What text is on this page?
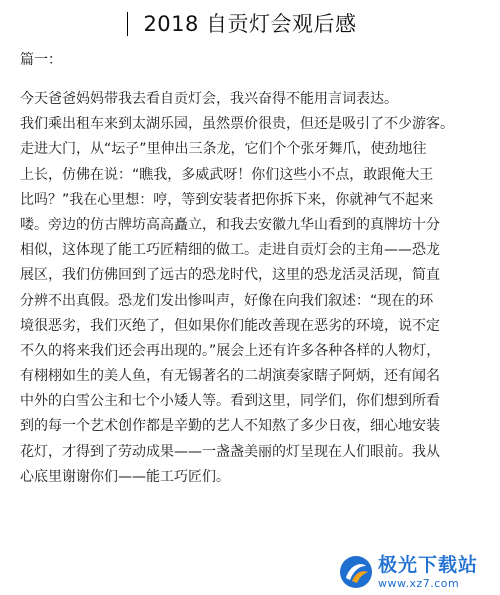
2018 自贡灯会观后感
篇一：
今天爸爸妈妈带我去看自贡灯会，我兴奋得不能用言词表达。
我们乘出租车来到太湖乐园，虽然票价很贵，但还是吸引了不少游客。
走进大门，从“坛子”里伸出三条龙，它们个个张牙舞爪，使劲地往
上长，仿佛在说：“瞧我，多威武呀！你们这些小不点，敢跟俺大王
比吗？”我在心里想：哼，等到安装者把你拆下来，你就神气不起来
喽。旁边的仿古牌坊高高矗立，和我去安徽九华山看到的真牌坊十分
相似，这体现了能工巧匠精细的做工。走进自贡灯会的主角——恐龙
展区，我们仿佛回到了远古的恐龙时代，这里的恐龙活灵活现，简直
分辨不出真假。恐龙们发出惨叫声，好像在向我们叙述：“现在的环
境很恶劣，我们灭绝了，但如果你们能改善现在恶劣的环境，说不定
不久的将来我们还会再出现的。”展会上还有许多各种各样的人物灯，
有栩栩如生的美人鱼，有无锡著名的二胡演奏家瞎子阿炳，还有闻名
中外的白雪公主和七个小矮人等。看到这里，同学们，你们想到所看
到的每一个艺术创作都是辛勤的艺人不知熬了多少日夜，细心地安装
花灯，才得到了劳动成果——一盏盏美丽的灯呈现在人们眼前。我从
心底里谢谢你们——能工巧匠们。
极光下载站
www.xz7.com
